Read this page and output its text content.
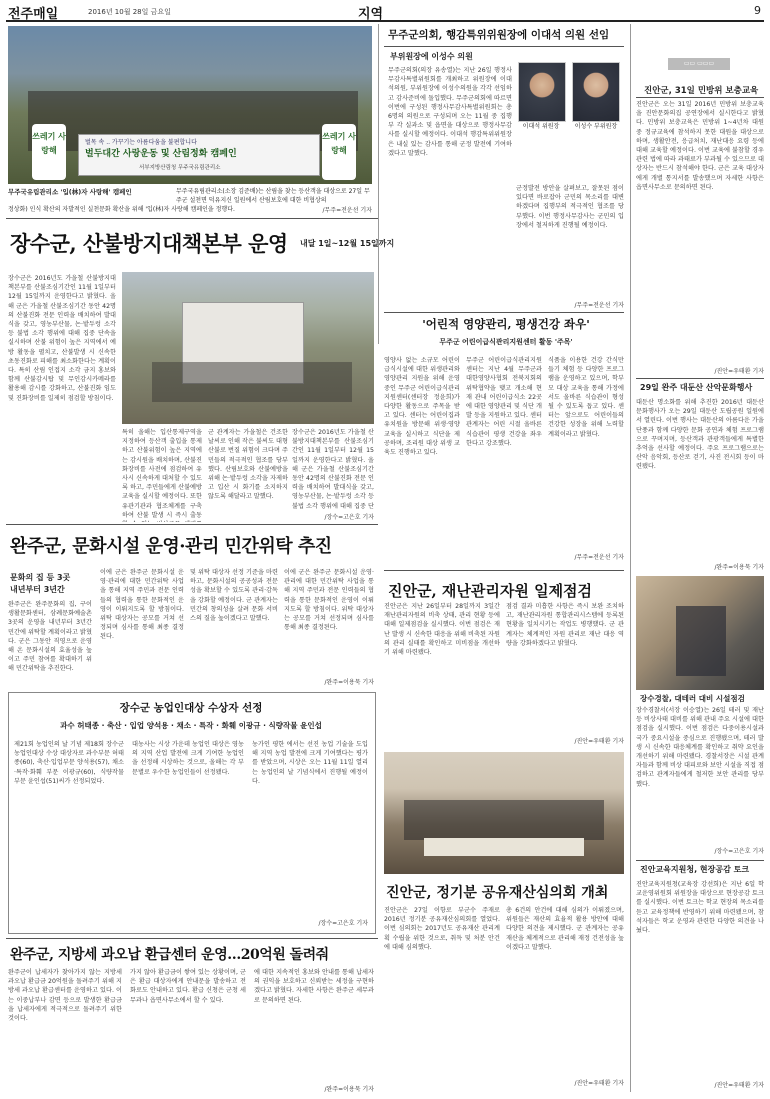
전주매일	2016년 10월 28일 금요일	지역	9
벌목 속 .. 가꾸기는 아름다움을 불편합니다
벌두대간 사랑운동 및 산림정화 캠페인
서부지방산림청 무주국유림관리소
쓰레기 사랑해
쓰레기 사랑해
무주국유림관리소 '입(林)자 사랑해' 캠페인	무주국유림관리소(소장 김준배)는 산림을 찾는 등산객을 대상으로 27일 무주군 설천면 덕유지신 일원에서 산림보호에 대한 비협상의
정상화) 인식 확산의 자발적인 실천문화 확산을 위해 '입(林)자 사랑해 캠페인을 정행다.	/무주=전운선 기자
무주군의회, 행감특위위원장에 이대석 의원 선임
부위원장에 이성수 의원
무주군의회(의장 유송열)는 지난 26일 행정사무감사특별위원회를 개최하고 위원장에 이대석의원, 부위원장에 이성수의원을 각각 선임하고 감사준비에 돌입했다. 무주군의회에 따르면 이번에 구성된 행정사무감사특별위원회는 총 6명의 의원으로 구성되며 오는 11월 중 집행부 각 실과소 및 읍면을 대상으로 행정사무감사를 실시할 예정이다. 이대석 행감특위위원장은 내실 있는 감사를 통해 군정 발전에 기여하겠다고 말했다.
이대석 위원장	이성수 부위원장
군정발전 방안을 살펴보고, 잘못된 점이 있다면 바로잡아 군민의 목소리를 대변하겠다며 집행부의 적극적인 협조를 당부했다. 이번 행정사무감사는 군민의 입장에서 철저하게 진행될 예정이다.
/무주=전운선 기자
▭▭ ▭▭▭
진안군, 31일 민방위 보충교육
진안군은 오는 31일 2016년 민방위 보충교육을 진안문화의집 공연장에서 실시한다고 밝혔다. 민방위 보충교육은 민방위 1~4년차 대원 중 정규교육에 참석하지 못한 대원을 대상으로 하며, 생활안전, 응급처치, 재난대응 요령 등에 대해 교육할 예정이다. 이번 교육에 불참할 경우 관련 법에 따라 과태료가 부과될 수 있으므로 대상자는 반드시 참석해야 한다. 군은 교육 대상자에게 개별 통지서를 발송했으며 자세한 사항은 읍면사무소로 문의하면 된다.
/진안=우태환 기자
29일 완주 대둔산 산악문화행사
대둔산 명소화를 위해 추진한 2016년 대둔산 문화행사가 오는 29일 대둔산 도립공원 일원에서 열린다. 이번 행사는 대둔산의 아름다운 가을 단풍과 함께 다양한 문화 공연과 체험 프로그램으로 꾸며지며, 등산객과 관광객들에게 특별한 추억을 선사할 예정이다. 주요 프로그램으로는 산악 음악회, 등산로 걷기, 사진 전시회 등이 마련됐다.
/완주=이용묵 기자
장수군, 산불방지대책본부 운영 내달 1일~12월 15일까지
장수군은 2016년도 가을철 산불방지대책본부를 산불조심기간인 11월 1일부터 12월 15일까지 운영한다고 밝혔다. 올해 군은 가을철 산불조심기간 동안 42명의 산불진화 전문 인력을 배치하여 발대식을 갖고, 영농부산물, 논·밭두렁 소각 등 불법 소각 행위에 대해 집중 단속을 실시하며 산불 위험이 높은 지역에서 예방 활동을 펼치고, 산불발생 시 신속한 초동진화로 피해를 최소화한다는 계획이다. 특히 산림 인접지 소각 금지 홍보와 함께 산불감시탑 및 무인감시카메라를 활용해 감시를 강화하고, 산불진화 임도 및 진화장비를 일제히 점검할 방침이다.
특히 올해는 입산통제구역을 지정하여 등산객 출입을 통제하고 산불위험이 높은 지역에는 감시원을 배치하며, 산불진화장비를 사전에 점검하여 유사시 신속하게 대처할 수 있도록 하고, 주민들에게 산불예방 교육을 실시할 예정이다. 또한 유관기관과 협조체계를 구축하여 산불 발생 시 즉시 출동
군 관계자는 가을철은 건조한 날씨로 인해 작은 불씨도 대형 산불로 번질 위험이 크다며 주민들의 적극적인 협조를 당부했다. 산림보호와 산불예방을 위해 논·밭두렁 소각을 자제하고 입산 시 화기를 소지하지 않도록 해달라고 말했다.
장수군은 2016년도 가을철 산불방지대책본부를 산불조심기간인 11월 1일부터 12월 15일까지 운영한다고 밝혔다. 올해 군은 가을철 산불조심기간 동안 42명의 산불진화 전문 인력을 배치하여 발대식을 갖고, 영농부산물, 논·밭두렁 소각 등 불법 소각 행위에 대해 집중 단
/장수=고은호 기자
'어린적 영양관리, 평생건강 좌우'
무주군 어린이급식관리지원센터 활동 '주목'
영양사 없는 소규모 어린이급식시설에 대한 위생관리와 영양관리 지원을 위해 운영 중인 무주군 어린이급식관리지원센터(센터장 정윤희)가 다양한 활동으로 주목을 받고 있다. 센터는 어린이집과 유치원을 방문해 위생·영양 교육을 실시하고 식단을 제공하며, 조리원 대상 위생 교육도 진행하고 있다.
무주군 어린이급식관리지원센터는 지난 4월 무주군과 대한영양사협회 전북지회의 위탁협약을 맺고 개소해 현재 관내 어린이급식소 22곳에 대한 영양관리 및 식단 개발 등을 지원하고 있다. 센터 관계자는 어린 시절 올바른 식습관이 평생 건강을 좌우한다고 강조했다.
식품을 이용한 건강 간식만들기 체험 등 다양한 프로그램을 운영하고 있으며, 학부모 대상 교육을 통해 가정에서도 올바른 식습관이 형성될 수 있도록 돕고 있다. 센터는 앞으로도 어린이들의 건강한 성장을 위해 노력할 계획이라고 밝혔다.
/무주=전운선 기자
완주군, 문화시설 운영·관리 민간위탁 추진
문화의 집 등 3곳
내년부터 3년간
완주군은 완주문화의 집, 구이생활문화센터, 삼례문화예술촌 3곳의 운영을 내년부터 3년간 민간에 위탁할 계획이라고 밝혔다. 군은 그동안 직영으로 운영해 온 문화시설의 효율성을 높이고 주민 참여를 확대하기 위해 민간위탁을 추진한다.
이에 군은 완주군 문화시설 운영·관리에 대한 민간위탁 사업을 통해 지역 주민과 전문 인력들의 협력을 통한 문화적인 운영이 이뤄지도록 할 방침이다. 위탁 대상자는 공모를 거쳐 선정되며 심사를 통해 최종 결정된다.
및 위탁 대상자 선정 기준을 마련하고, 문화시설의 공공성과 전문성을 확보할 수 있도록 관리·감독을 강화할 예정이다. 군 관계자는 민간의 창의성을 살려 문화 서비스의 질을 높이겠다고 말했다.
이에 군은 완주군 문화시설 운영·관리에 대한 민간위탁 사업을 통해 지역 주민과 전문 인력들의 협력을 통한 문화적인 운영이 이뤄지도록 할 방침이다. 위탁 대상자는 공모를 거쳐 선정되며 심사를 통해 최종 결정된다.
/완주=이용묵 기자
진안군, 재난관리자원 일제점검
진안군은 지난 26일부터 28일까지 3일간 재난관리자원의 비축 상태, 관리 현황 등에 대해 일제점검을 실시했다. 이번 점검은 재난 발생 시 신속한 대응을 위해 비축된 자원의 관리 실태를 확인하고 미비점을 개선하기 위해 마련됐다.
점검 결과 미흡한 사항은 즉시 보완 조치하고, 재난관리자원 통합관리시스템에 등록된 현황을 일치시키는 작업도 병행했다. 군 관계자는 체계적인 자원 관리로 재난 대응 역량을 강화하겠다고 밝혔다.
/진안=우태환 기자
장수경찰, 대테러 대비 시설점검
장수경찰서(서장 이승열)는 26일 테러 및 재난 등 비상사태 대비를 위해 관내 주요 시설에 대한 점검을 실시했다. 이번 점검은 다중이용시설과 국가 중요시설을 중심으로 진행됐으며, 테러 발생 시 신속한 대응체계를 확인하고 취약 요인을 개선하기 위해 마련됐다. 경찰서장은 시설 관계자들과 함께 비상 대피로와 보안 시설을 직접 점검하고 관계자들에게 철저한 보안 관리를 당부했다.
/장수=고은호 기자
장수군 농업인대상 수상자 선정
과수 허태종 · 축산 · 입업 양석용 · 채소 · 특작 · 화훼 이광규 · 식량작물 윤인섭
제21회 농업인의 날 기념 제18회 장수군 농업인대상 수상 대상자로 과수부문 허태종(60), 축산·입업부문 양석용(57), 채소·특작·화훼 부문 이광규(60), 식량작물 부문 윤인섭(51)씨가 선정되었다.
대농사는 시상 가운데 농업인 대상은 영농의 지역 산업 발전에 크게 기여한 농업인을 선정해 시상하는 것으로, 올해는 각 부문별로 우수한 농업인들이 선정됐다.
농가인 평한 에서는 선진 농업 기술을 도입해 지역 농업 발전에 크게 기여했다는 평가를 받았으며, 시상은 오는 11월 11일 열리는 농업인의 날 기념식에서 진행될 예정이다.
/장수=고은호 기자
진안교육지원청, 현장공감 토크
진안교육지원청(교육장 강선희)은 지난 6일 학교운영위원회 위원장을 대상으로 현장공감 토크를 실시했다. 이번 토크는 학교 현장의 목소리를 듣고 교육정책에 반영하기 위해 마련됐으며, 참석자들은 학교 운영과 관련한 다양한 의견을 나눴다.
/진안=우태환 기자
진안군, 정기분 공유재산심의회 개최
진안군은 27일 이항로 부군수 주재로 2016년 정기분 공유재산심의회를 열었다. 이번 심의회는 2017년도 공유재산 관리계획 수립을 위한 것으로, 취득 및 처분 안건에 대해 심의했다.
총 6건의 안건에 대해 심의가 이뤄졌으며, 위원들은 재산의 효율적 활용 방안에 대해 다양한 의견을 제시했다. 군 관계자는 공유재산을 체계적으로 관리해 재정 건전성을 높이겠다고 말했다.
/진안=우태환 기자
완주군, 지방세 과오납 환급센터 운영…20억원 돌려줘
완주군이 납세자가 찾아가지 않는 지방세 과오납 환급금 20억원을 돌려주기 위해 지방세 과오납 환급센터를 운영하고 있다. 이는 이중납부나 감면 등으로 발생한 환급금을 납세자에게 적극적으로 돌려주기 위한 것이다.
가지 않아 환급금이 쌓여 있는 상황이며, 군은 환급 대상자에게 안내문을 발송하고 전화로도 안내하고 있다. 환급 신청은 군청 세무과나 읍면사무소에서 할 수 있다.
에 대한 지속적인 홍보와 안내를 통해 납세자의 권익을 보호하고 신뢰받는 세정을 구현하겠다고 밝혔다. 자세한 사항은 완주군 세무과로 문의하면 된다.
/완주=이용묵 기자
